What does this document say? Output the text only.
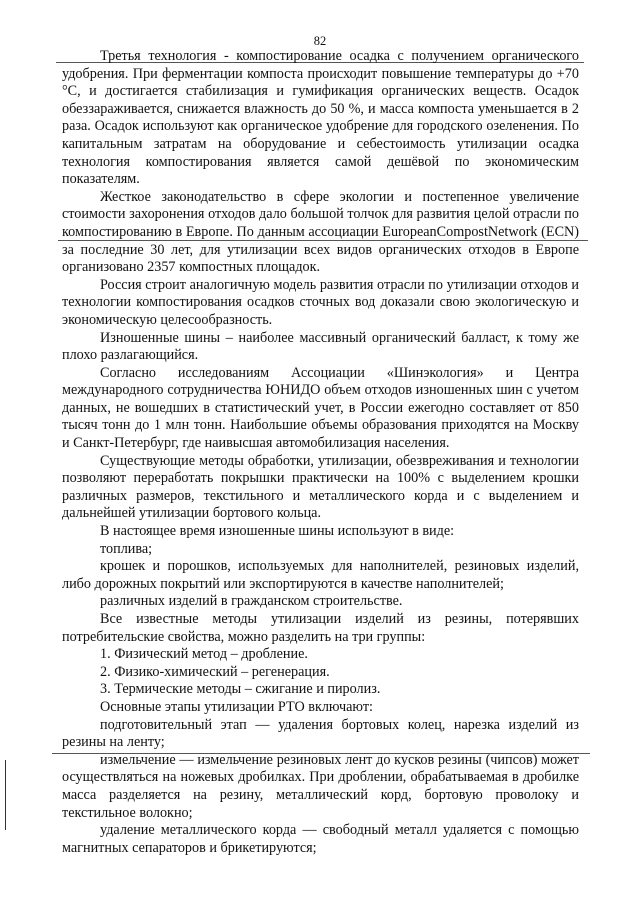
82

Третья технология - компостирование осадка с получением органического удобрения. При ферментации компоста происходит повышение температуры до +70 °С, и достигается стабилизация и гумификация органических веществ. Осадок обеззараживается, снижается влажность до 50 %, и масса компоста уменьшается в 2 раза. Осадок используют как органическое удобрение для городского озеленения. По капитальным затратам на оборудование и себестоимость утилизации осадка технология компостирования является самой дешёвой по экономическим показателям.

Жесткое законодательство в сфере экологии и постепенное увеличение стоимости захоронения отходов дало большой толчок для развития целой отрасли по компостированию в Европе. По данным ассоциации EuropeanCompostNetwork (ECN) за последние 30 лет, для утилизации всех видов органических отходов в Европе организовано 2357 компостных площадок.

Россия строит аналогичную модель развития отрасли по утилизации отходов и технологии компостирования осадков сточных вод доказали свою экологическую и экономическую целесообразность.

Изношенные шины – наиболее массивный органический балласт, к тому же плохо разлагающийся.

Согласно исследованиям Ассоциации «Шинэкология» и Центра международного сотрудничества ЮНИДО объем отходов изношенных шин с учетом данных, не вошедших в статистический учет, в России ежегодно составляет от 850 тысяч тонн до 1 млн тонн. Наибольшие объемы образования приходятся на Москву и Санкт-Петербург, где наивысшая автомобилизация населения.

Существующие методы обработки, утилизации, обезвреживания и технологии позволяют переработать покрышки практически на 100% с выделением крошки различных размеров, текстильного и металлического корда и с выделением и дальнейшей утилизации бортового кольца.

В настоящее время изношенные шины используют в виде:

топлива;

крошек и порошков, используемых для наполнителей, резиновых изделий, либо дорожных покрытий или экспортируются в качестве наполнителей;

различных изделий в гражданском строительстве.

Все известные методы утилизации изделий из резины, потерявших потребительские свойства, можно разделить на три группы:

1. Физический метод – дробление.

2. Физико-химический – регенерация.

3. Термические методы – сжигание и пиролиз.

Основные этапы утилизации РТО включают:

подготовительный этап — удаления бортовых колец, нарезка изделий из резины на ленту;

измельчение — измельчение резиновых лент до кусков резины (чипсов) может осуществляться на ножевых дробилках. При дроблении, обрабатываемая в дробилке масса разделяется на резину, металлический корд, бортовую проволоку и текстильное волокно;

удаление металлического корда — свободный металл удаляется с помощью магнитных сепараторов и брикетируются;
